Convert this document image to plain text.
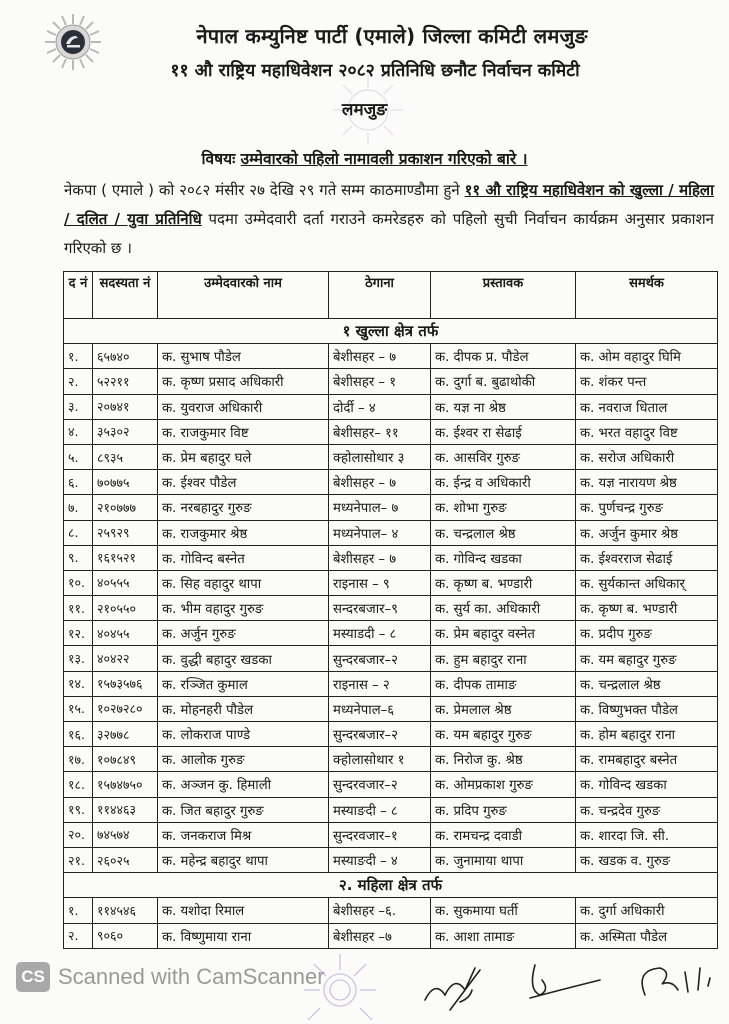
नेपाल कम्युनिष्ट पार्टी (एमाले) जिल्ला कमिटी लमजुङ
११ औ राष्ट्रिय महाधिवेशन २०८२ प्रतिनिधि छनौट निर्वाचन कमिटी
लमजुङ
विषयः उम्मेवारको पहिलो नामावली प्रकाशन गरिएको बारे ।
नेकपा ( एमाले ) को २०८२ मंसीर २७ देखि २९ गते सम्म काठमाण्डौमा हुने ११ औ राष्ट्रिय महाधिवेशन को खुल्ला / महिला / दलित / युवा प्रतिनिधि पदमा उम्मेदवारी दर्ता गराउने कमरेडहरु को पहिलो सुची निर्वाचन कार्यक्रम अनुसार प्रकाशन गरिएको छ ।
द नं	सदस्यता नं	उम्मेदवारको नाम	ठेगाना	प्रस्तावक	समर्थक
१ खुल्ला क्षेत्र तर्फ					
१.	६५७४०	क. सुभाष पौडेल	बेशीसहर – ७	क. दीपक प्र. पौडेल	क. ओम वहादुर घिमि
२.	५२२११	क. कृष्ण प्रसाद अधिकारी	बेशीसहर – १	क. दुर्गा ब. बुढाथोकी	क. शंकर पन्त
३.	२०७४१	क. युवराज अधिकारी	दोर्दी – ४	क. यज्ञ ना श्रेष्ठ	क. नवराज धिताल
४.	३५३०२	क. राजकुमार विष्ट	बेशीसहर– ११	क. ईश्वर रा सेढाई	क. भरत वहादुर विष्ट
५.	८९३५	क. प्रेम बहादुर घले	क्होलासोथार ३	क. आसविर गुरुङ	क. सरोज अधिकारी
६.	७०७७५	क. ईश्वर पौडेल	बेशीसहर – ७	क. ईन्द्र व अधिकारी	क. यज्ञ नारायण श्रेष्ठ
७.	२१०७७७	क. नरबहादुर गुरुङ	मध्यनेपाल– ७	क. शोभा गुरुङ	क. पुर्णचन्द्र गुरुङ
८.	२५९२९	क. राजकुमार श्रेष्ठ	मध्यनेपाल– ४	क. चन्द्रलाल श्रेष्ठ	क. अर्जुन कुमार श्रेष्ठ
९.	१६१५२१	क. गोविन्द बस्नेत	बेशीसहर – ७	क. गोविन्द खडका	क. ईश्वरराज सेढाई
१०.	४०५५५	क. सिह वहादुर थापा	राइनास – ९	क. कृष्ण ब. भण्डारी	क. सुर्यकान्त अधिकार्
११.	२१०५५०	क. भीम वहादुर गुरुङ	सन्दरबजार–९	क. सुर्य का. अधिकारी	क. कृष्ण ब. भण्डारी
१२.	४०४५५	क. अर्जुन गुरुङ	मस्याडदी – ८	क. प्रेम बहादुर वस्नेत	क. प्रदीप गुरुङ
१३.	४०४२२	क. वुद्धी बहादुर खडका	सुन्दरबजार–२	क. हुम बहादुर राना	क. यम बहादुर गुरुङ
१४.	१५७३५७६	क. रञ्जित कुमाल	राइनास – २	क. दीपक तामाङ	क. चन्द्रलाल श्रेष्ठ
१५.	१०२७२८०	क. मोहनहरी पौडेल	मध्यनेपाल–६	क. प्रेमलाल श्रेष्ठ	क. विष्णुभक्त पौडेल
१६.	३२७७८	क. लोकराज पाण्डे	सुन्दरबजार–२	क. यम बहादुर गुरुङ	क. होम बहादुर राना
१७.	१०७८४९	क. आलोक गुरुङ	क्होलासोथार १	क. निरोज कु. श्रेष्ठ	क. रामबहादुर बस्नेत
१८.	१५७४७५०	क. अञ्जन कु. हिमाली	सुन्दरवजार–२	क. ओमप्रकाश गुरुङ	क. गोविन्द खडका
१९.	११४४६३	क. जित बहादुर गुरुङ	मस्याङदी – ८	क. प्रदिप गुरुङ	क. चन्द्रदेव गुरुङ
२०.	७४५७४	क. जनकराज मिश्र	सुन्दरवजार–१	क. रामचन्द्र दवाडी	क. शारदा जि. सी.
२१.	२६०२५	क. महेन्द्र बहादुर थापा	मस्याङदी – ४	क. जुनामाया थापा	क. खडक व. गुरुङ
२. महिला क्षेत्र तर्फ					
१.	११४५४६	क. यशोदा रिमाल	बेशीसहर –६.	क. सुकमाया घर्ती	क. दुर्गा अधिकारी
२.	९०६०	क. विष्णुमाया राना	बेशीसहर –७	क. आशा तामाङ	क. अस्मिता पौडेल
CS Scanned with CamScanner
